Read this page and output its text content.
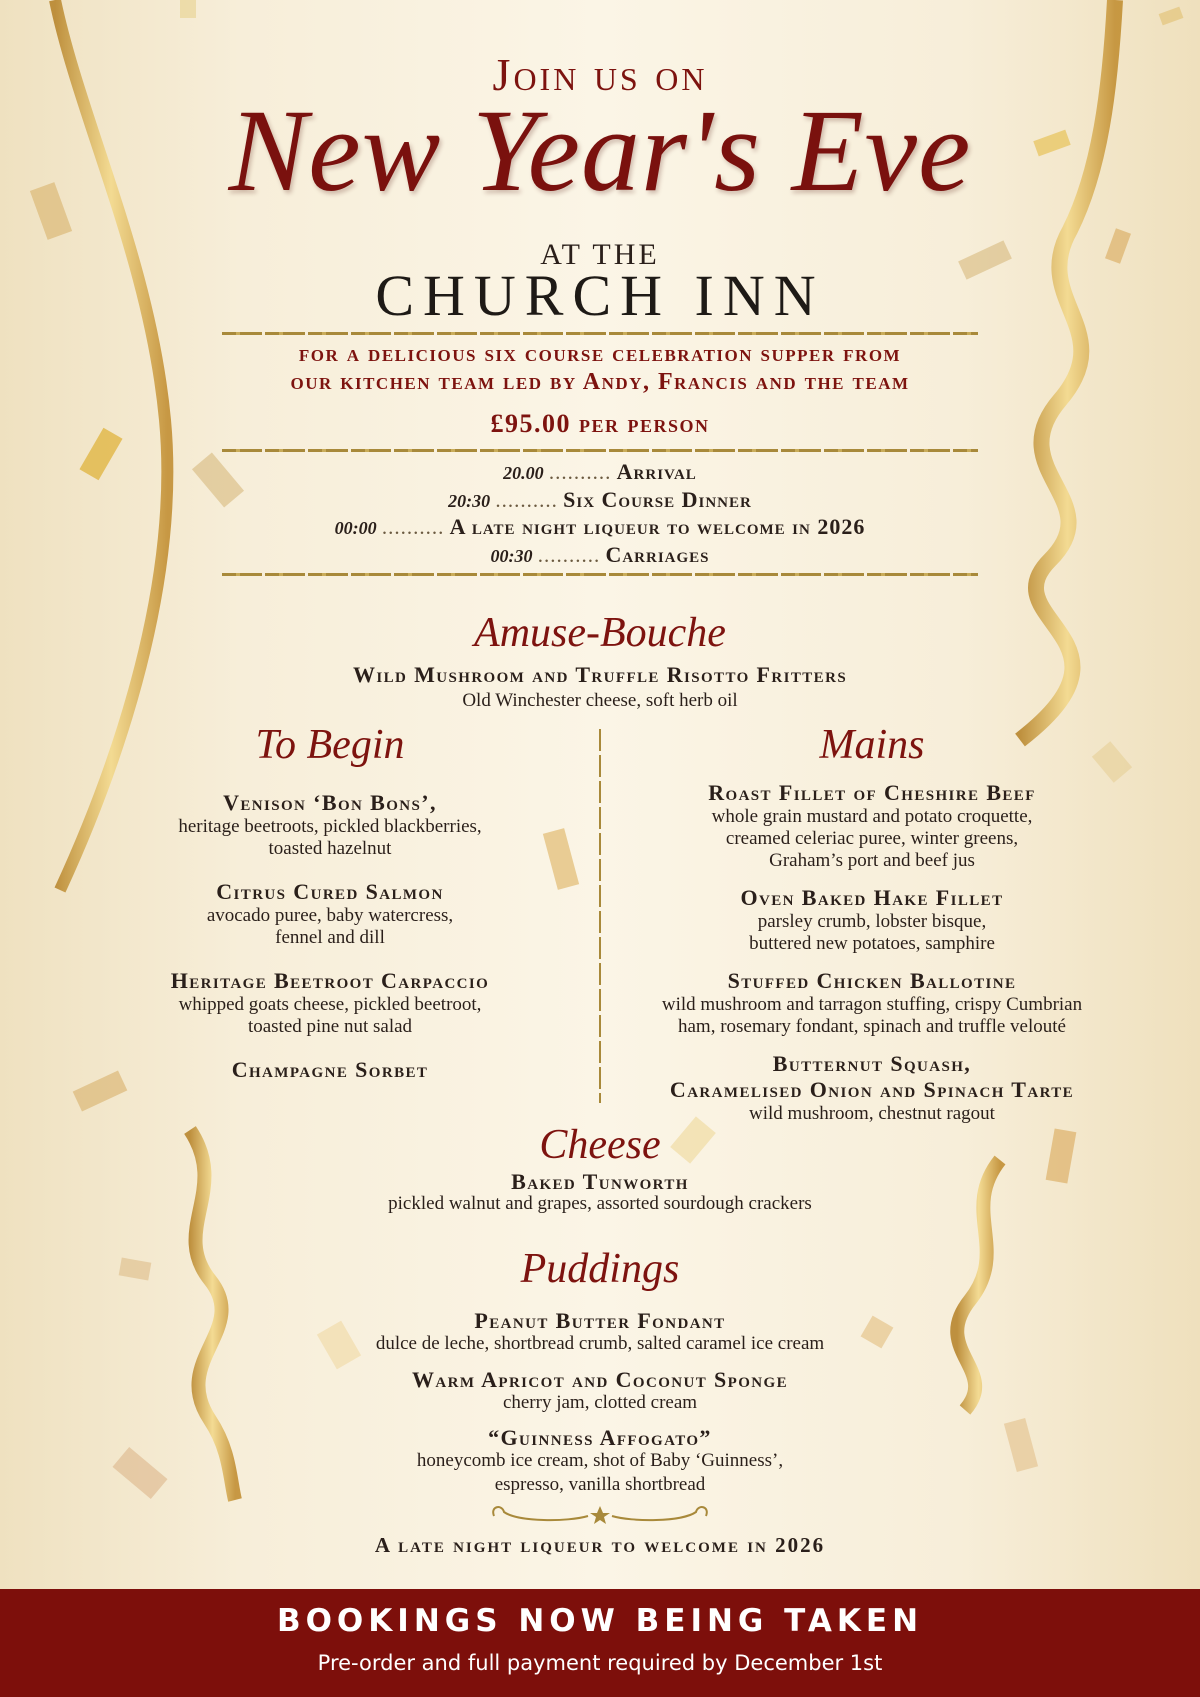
Join us on
New Year's Eve
AT THE
CHURCH INN
for a delicious six course celebration supper from
our kitchen team led by Andy, Francis and the team
£95.00 per person
20.00 .......... Arrival
20:30 .......... Six Course Dinner
00:00 .......... A late night liqueur to welcome in 2026
00:30 .......... Carriages
Amuse-Bouche
Wild Mushroom and Truffle Risotto Fritters
Old Winchester cheese, soft herb oil
To Begin
Venison ‘Bon Bons’,
heritage beetroots, pickled blackberries,
toasted hazelnut
Citrus Cured Salmon
avocado puree, baby watercress,
fennel and dill
Heritage Beetroot Carpaccio
whipped goats cheese, pickled beetroot,
toasted pine nut salad
Champagne Sorbet
Mains
Roast Fillet of Cheshire Beef
whole grain mustard and potato croquette,
creamed celeriac puree, winter greens,
Graham’s port and beef jus
Oven Baked Hake Fillet
parsley crumb, lobster bisque,
buttered new potatoes, samphire
Stuffed Chicken Ballotine
wild mushroom and tarragon stuffing, crispy Cumbrian
ham, rosemary fondant, spinach and truffle velouté
Butternut Squash,
Caramelised Onion and Spinach Tarte
wild mushroom, chestnut ragout
Cheese
Baked Tunworth
pickled walnut and grapes, assorted sourdough crackers
Puddings
Peanut Butter Fondant
dulce de leche, shortbread crumb, salted caramel ice cream
Warm Apricot and Coconut Sponge
cherry jam, clotted cream
“Guinness Affogato”
honeycomb ice cream, shot of Baby ‘Guinness’,
espresso, vanilla shortbread
A late night liqueur to welcome in 2026
BOOKINGS NOW BEING TAKEN
Pre-order and full payment required by December 1st
